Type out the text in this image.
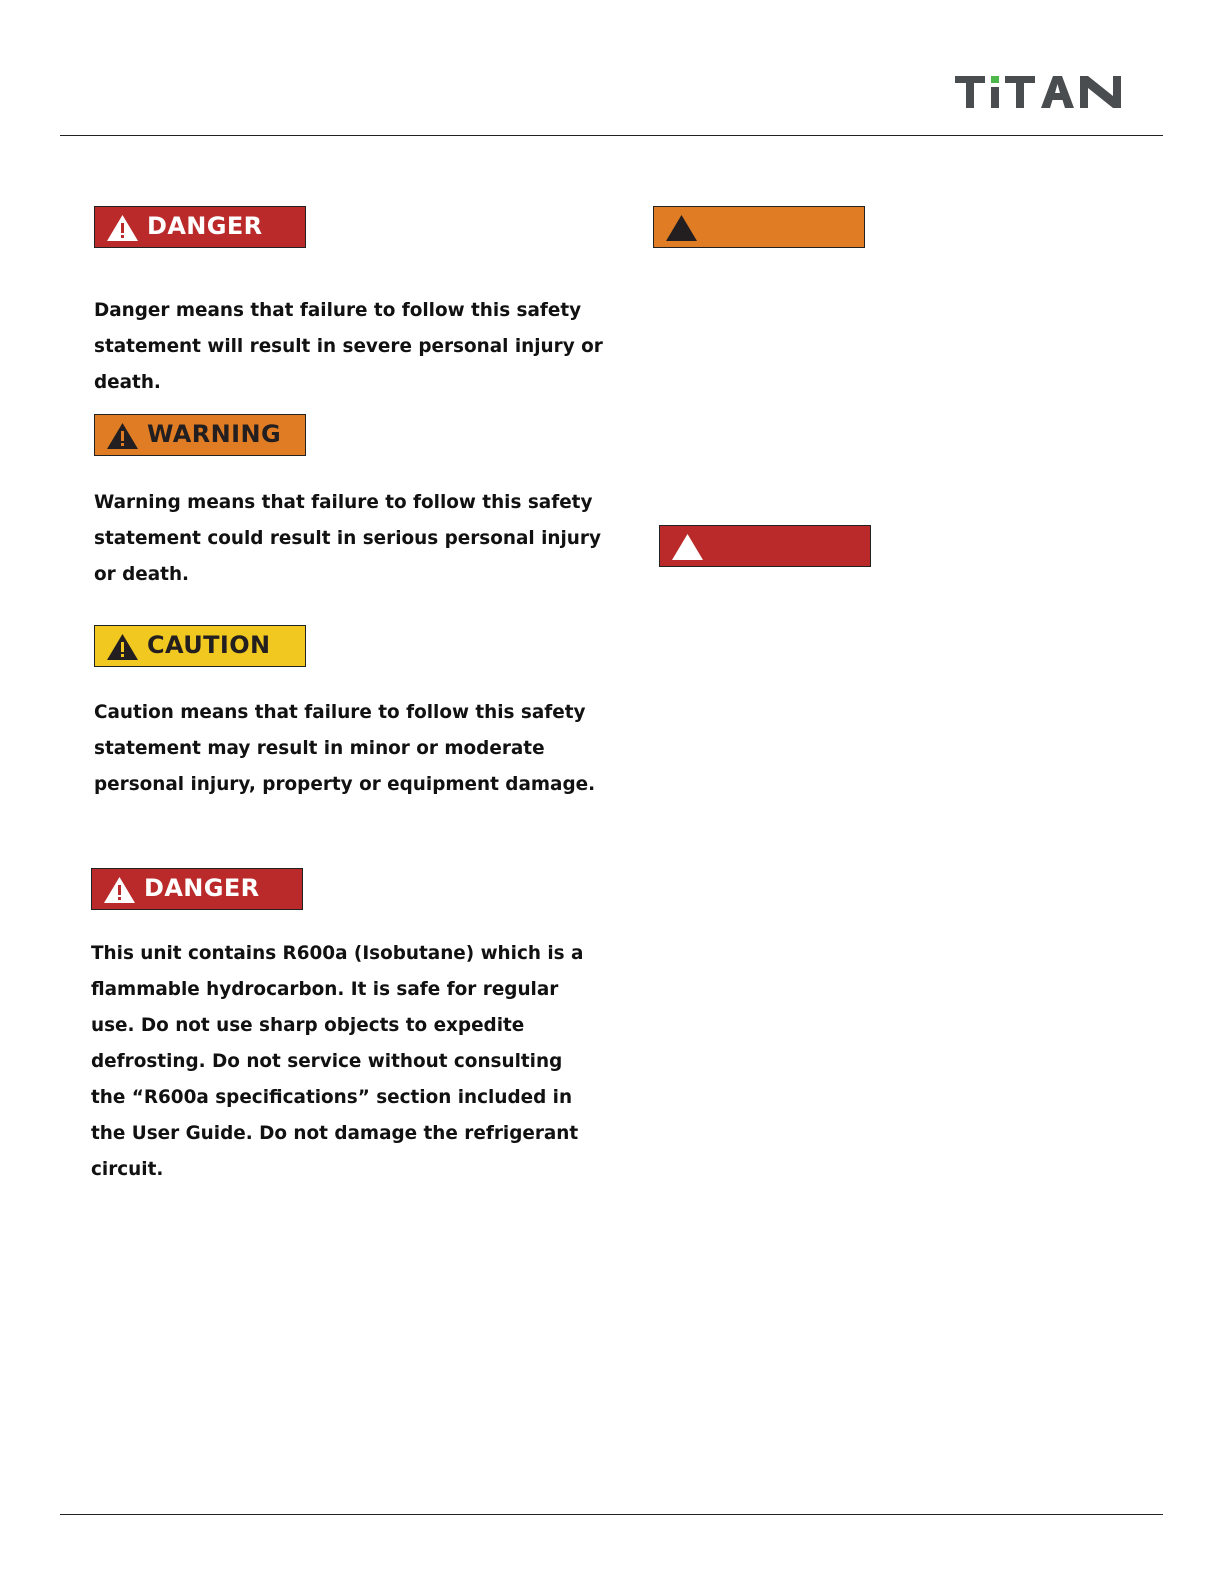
DANGER

Danger means that failure to follow this safety statement will result in severe personal injury or death.

WARNING

Warning means that failure to follow this safety statement could result in serious personal injury or death.

CAUTION

Caution means that failure to follow this safety statement may result in minor or moderate personal injury, property or equipment damage.

DANGER

This unit contains R600a (Isobutane) which is a flammable hydrocarbon. It is safe for regular use. Do not use sharp objects to expedite defrosting. Do not service without consulting the “R600a specifications” section included in the User Guide. Do not damage the refrigerant circuit.
